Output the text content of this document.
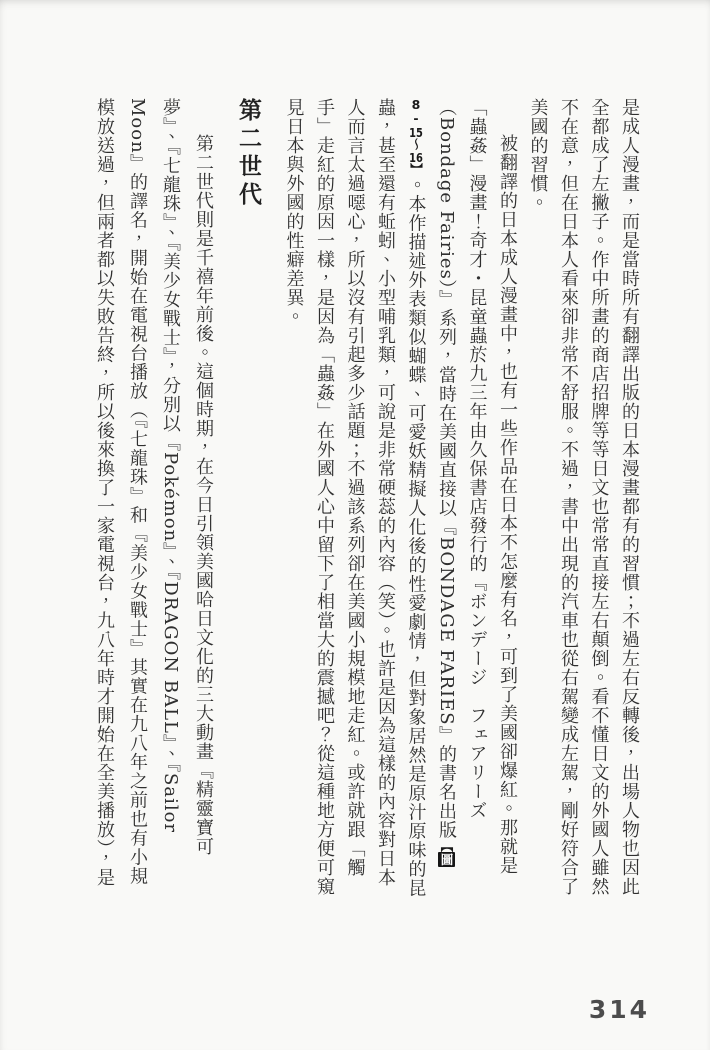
是成人漫畫，而是當時所有翻譯出版的日本漫畫都有的習慣；不過左右反轉後，出場人物也因此全都成了左撇子。作中所畫的商店招牌等等日文也常常直接左右顛倒。看不懂日文的外國人雖然不在意，但在日本人看來卻非常不舒服。不過，書中出現的汽車也從右駕變成左駕，剛好符合了美國的習慣。

被翻譯的日本成人漫畫中，也有一些作品在日本不怎麼有名，可到了美國卻爆紅。那就是「蟲姦」漫畫！奇才・昆童蟲於九三年由久保書店發行的『ボンデージ　フェアリーズ（Bondage Fairies）』系列，當時在美國直接以『BONDAGE FARIES』的書名出版【圖8-15～16】。本作描述外表類似蝴蝶、可愛妖精擬人化後的性愛劇情，但對象居然是原汁原味的昆蟲，甚至還有蚯蚓、小型哺乳類，可說是非常硬蕊的內容（笑）。也許是因為這樣的內容對日本人而言太過噁心，所以沒有引起多少話題；不過該系列卻在美國小規模地走紅。或許就跟「觸手」走紅的原因一樣，是因為「蟲姦」在外國人心中留下了相當大的震撼吧？從這種地方便可窺見日本與外國的性癖差異。

第二世代

第二世代則是千禧年前後。這個時期，在今日引領美國哈日文化的三大動畫『精靈寶可夢』、『七龍珠』、『美少女戰士』，分別以『Pokémon』、『DRAGON BALL』、『Sailor Moon』的譯名，開始在電視台播放（『七龍珠』和『美少女戰士』其實在九八年之前也有小規模放送過，但兩者都以失敗告終，所以後來換了一家電視台，九八年時才開始在全美播放），是

314
